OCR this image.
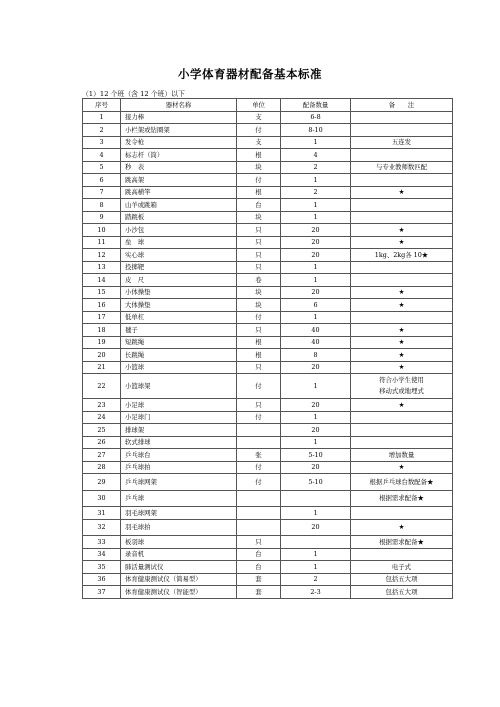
小学体育器材配备基本标准
（1）12 个班（含 12 个班）以下
序号	器材名称	单位	配备数量	备　　注
1	接力棒	支	6-8	
2	小栏架或钻圈架	付	8-10	
3	发令枪	支	1	五连发
4	标志杆（筒）	根	4	
5	秒　表	块	2	与专业教师数匹配
6	跳高架	付	1	
7	跳高横竿	根	2	★
8	山羊或跳箱	台	1	
9	踏跳板	块	1	
10	小沙包	只	20	★
11	垒　球	只	20	★
12	实心球	只	20	1kg、2kg各 10★
13	投掷靶	只	1	
14	皮　尺	卷	1	
15	小体操垫	块	20	★
16	大体操垫	块	6	★
17	低单杠	付	1	
18	毽子	只	40	★
19	短跳绳	根	40	★
20	长跳绳	根	8	★
21	小篮球	只	20	★
22	小篮球架	付	1	符合小学生使用
移动式或地埋式

23	小足球	只	20	★
24	小足球门	付	1	
25	排球架		20	
26	软式排球		1	
27	乒乓球台	张	5-10	增加数量
28	乒乓球拍	付	20	★
29	乒乓球网架	付	5-10	根据乒乓球台数配备★
30	乒乓球			根据需求配备★
31	羽毛球网架		1	
32	羽毛球拍		20	★
33	板羽球	只		根据需求配备★
34	录音机	台	1	
35	肺活量测试仪	台	1	电子式
36	体育健康测试仪（简易型）	套	2	包括五大项
37	体育健康测试仪（智能型）	套	2-3	包括五大项
